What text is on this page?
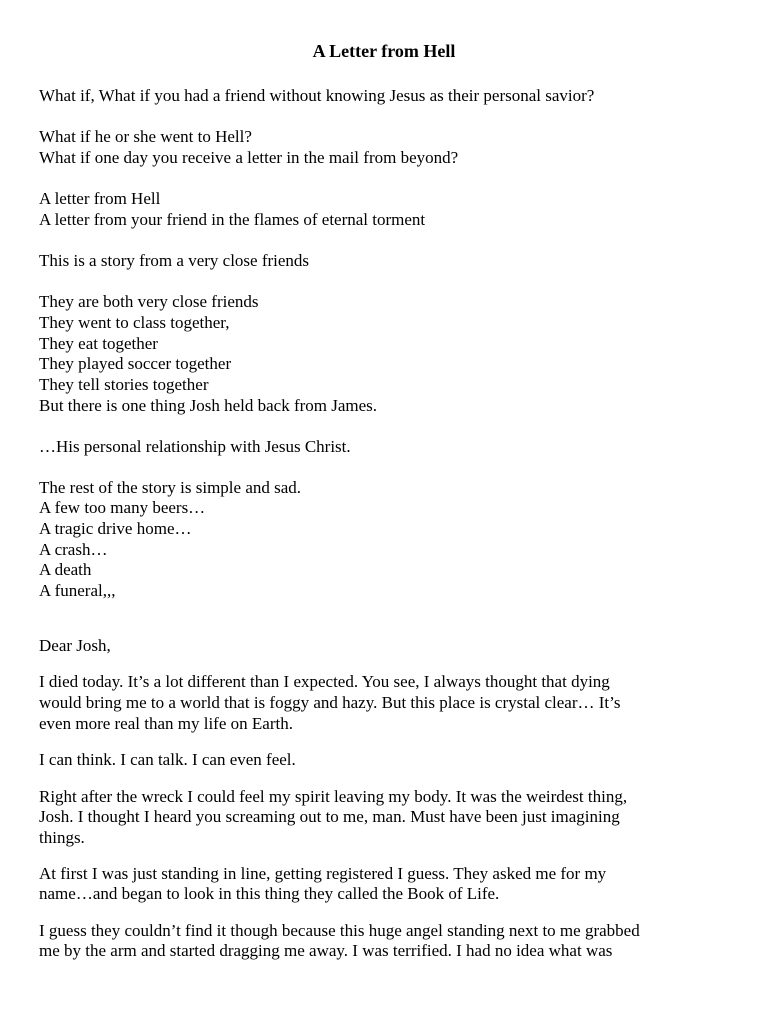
A Letter from Hell
What if, What if you had a friend without knowing Jesus as their personal savior?
What if he or she went to Hell?
What if one day you receive a letter in the mail from beyond?
A letter from Hell
A letter from your friend in the flames of eternal torment
This is a story from a very close friends
They are both very close friends
They went to class together,
They eat together
They played soccer together
They tell stories together
But there is one thing Josh held back from James.
…His personal relationship with Jesus Christ.
The rest of the story is simple and sad.
A few too many beers…
A tragic drive home…
A crash…
A death
A funeral,,,
Dear Josh,
I died today. It’s a lot different than I expected. You see, I always thought that dying
would bring me to a world that is foggy and hazy. But this place is crystal clear… It’s
even more real than my life on Earth.
I can think. I can talk. I can even feel.
Right after the wreck I could feel my spirit leaving my body. It was the weirdest thing,
Josh. I thought I heard you screaming out to me, man. Must have been just imagining
things.
At first I was just standing in line, getting registered I guess. They asked me for my
name…and began to look in this thing they called the Book of Life.
I guess they couldn’t find it though because this huge angel standing next to me grabbed
me by the arm and started dragging me away. I was terrified. I had no idea what was
